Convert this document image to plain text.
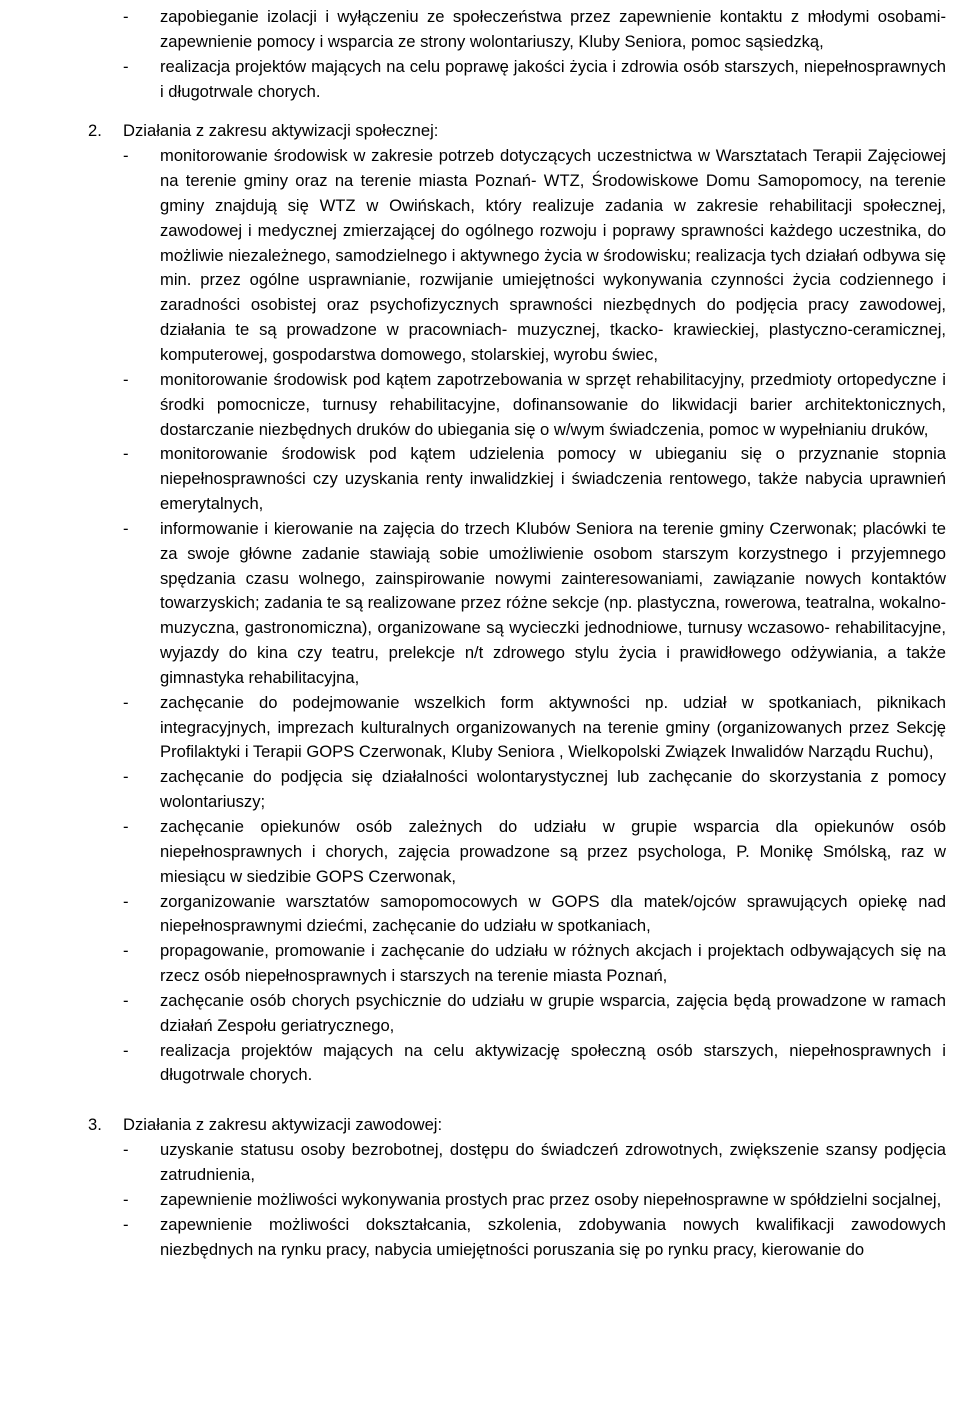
- zapobieganie izolacji i wyłączeniu ze społeczeństwa przez zapewnienie kontaktu z młodymi osobami- zapewnienie pomocy i wsparcia ze strony wolontariuszy, Kluby Seniora, pomoc sąsiedzką,

- realizacja projektów mających na celu poprawę jakości życia i zdrowia osób starszych, niepełnosprawnych i długotrwale chorych.

2. Działania z zakresu aktywizacji społecznej:

- monitorowanie środowisk w zakresie potrzeb dotyczących uczestnictwa w Warsztatach Terapii Zajęciowej na terenie gminy oraz na terenie miasta Poznań- WTZ, Środowiskowe Domu Samopomocy, na terenie gminy znajdują się WTZ w Owińskach, który realizuje zadania w zakresie rehabilitacji społecznej, zawodowej i medycznej zmierzającej do ogólnego rozwoju i poprawy sprawności każdego uczestnika, do możliwie niezależnego, samodzielnego i aktywnego życia w środowisku; realizacja tych działań odbywa się min. przez ogólne usprawnianie, rozwijanie umiejętności wykonywania czynności życia codziennego i zaradności osobistej oraz psychofizycznych sprawności niezbędnych do podjęcia pracy zawodowej, działania te są prowadzone w pracowniach- muzycznej, tkacko- krawieckiej, plastyczno-ceramicznej, komputerowej, gospodarstwa domowego, stolarskiej, wyrobu świec,

- monitorowanie środowisk pod kątem zapotrzebowania w sprzęt rehabilitacyjny, przedmioty ortopedyczne i środki pomocnicze, turnusy rehabilitacyjne, dofinansowanie do likwidacji barier architektonicznych, dostarczanie niezbędnych druków do ubiegania się o w/wym świadczenia, pomoc w wypełnianiu druków,

- monitorowanie środowisk pod kątem udzielenia pomocy w ubieganiu się o przyznanie stopnia niepełnosprawności czy uzyskania renty inwalidzkiej i świadczenia rentowego, także nabycia uprawnień emerytalnych,

- informowanie i kierowanie na zajęcia do trzech Klubów Seniora na terenie gminy Czerwonak; placówki te za swoje główne zadanie stawiają sobie umożliwienie osobom starszym korzystnego i przyjemnego spędzania czasu wolnego, zainspirowanie nowymi zainteresowaniami, zawiązanie nowych kontaktów towarzyskich; zadania te są realizowane przez różne sekcje (np. plastyczna, rowerowa, teatralna, wokalno-muzyczna, gastronomiczna), organizowane są wycieczki jednodniowe, turnusy wczasowo- rehabilitacyjne, wyjazdy do kina czy teatru, prelekcje n/t zdrowego stylu życia i prawidłowego odżywiania, a także gimnastyka rehabilitacyjna,

- zachęcanie do podejmowanie wszelkich form aktywności np. udział w spotkaniach, piknikach integracyjnych, imprezach kulturalnych organizowanych na terenie gminy (organizowanych przez Sekcję Profilaktyki i Terapii GOPS Czerwonak, Kluby Seniora , Wielkopolski Związek Inwalidów Narządu Ruchu),

- zachęcanie do podjęcia się działalności wolontarystycznej lub zachęcanie do skorzystania z pomocy wolontariuszy;

- zachęcanie opiekunów osób zależnych do udziału w grupie wsparcia dla opiekunów osób niepełnosprawnych i chorych, zajęcia prowadzone są przez psychologa, P. Monikę Smólską, raz w miesiącu w siedzibie GOPS Czerwonak,

- zorganizowanie warsztatów samopomocowych w GOPS dla matek/ojców sprawujących opiekę nad niepełnosprawnymi dziećmi, zachęcanie do udziału w spotkaniach,

- propagowanie, promowanie i zachęcanie do udziału w różnych akcjach i projektach odbywających się na rzecz osób niepełnosprawnych i starszych na terenie miasta Poznań,

- zachęcanie osób chorych psychicznie do udziału w grupie wsparcia, zajęcia będą prowadzone w ramach działań Zespołu geriatrycznego,

- realizacja projektów mających na celu aktywizację społeczną osób starszych, niepełnosprawnych i długotrwale chorych.

3. Działania z zakresu aktywizacji zawodowej:

- uzyskanie statusu osoby bezrobotnej, dostępu do świadczeń zdrowotnych, zwiększenie szansy podjęcia zatrudnienia,

- zapewnienie możliwości wykonywania prostych prac przez osoby niepełnosprawne w spółdzielni socjalnej,

- zapewnienie możliwości dokształcania, szkolenia, zdobywania nowych kwalifikacji zawodowych niezbędnych na rynku pracy, nabycia umiejętności poruszania się po rynku pracy, kierowanie do
